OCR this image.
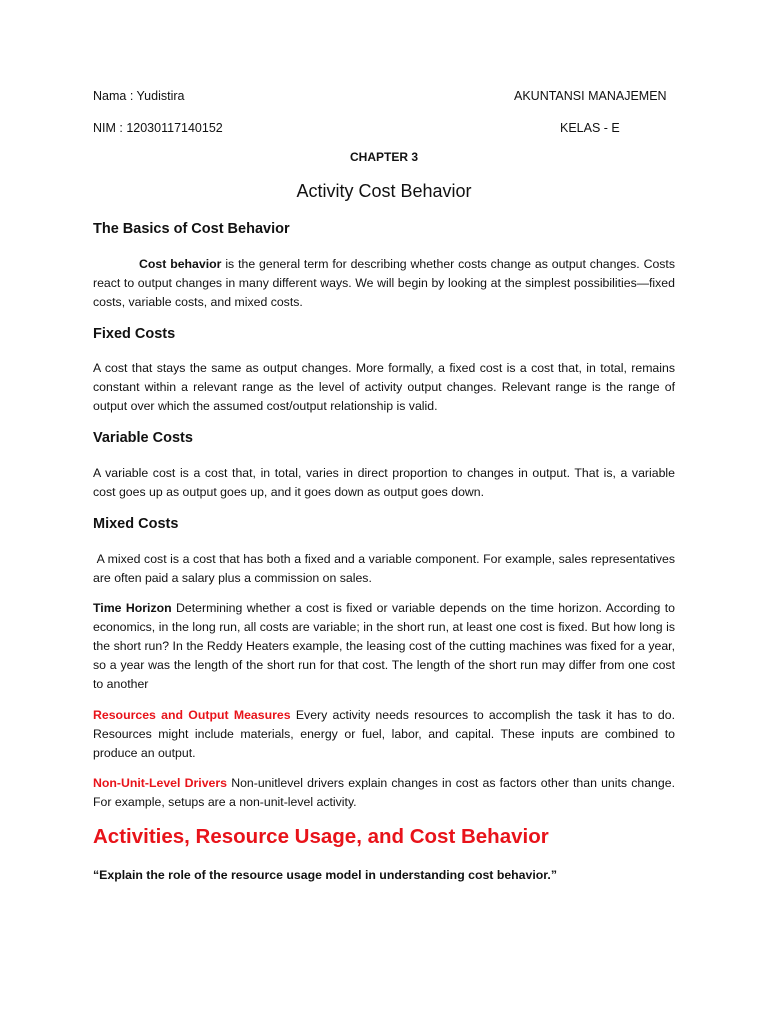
Nama : Yudistira	AKUNTANSI MANAJEMEN
NIM : 12030117140152	KELAS - E
CHAPTER 3
Activity Cost Behavior
The Basics of Cost Behavior
Cost behavior is the general term for describing whether costs change as output changes. Costs react to output changes in many different ways. We will begin by looking at the simplest possibilities—fixed costs, variable costs, and mixed costs.
Fixed Costs
A cost that stays the same as output changes. More formally, a fixed cost is a cost that, in total, remains constant within a relevant range as the level of activity output changes. Relevant range is the range of output over which the assumed cost/output relationship is valid.
Variable Costs
A variable cost is a cost that, in total, varies in direct proportion to changes in output. That is, a variable cost goes up as output goes up, and it goes down as output goes down.
Mixed Costs
A mixed cost is a cost that has both a fixed and a variable component. For example, sales representatives are often paid a salary plus a commission on sales.
Time Horizon Determining whether a cost is fixed or variable depends on the time horizon. According to economics, in the long run, all costs are variable; in the short run, at least one cost is fixed. But how long is the short run? In the Reddy Heaters example, the leasing cost of the cutting machines was fixed for a year, so a year was the length of the short run for that cost. The length of the short run may differ from one cost to another
Resources and Output Measures Every activity needs resources to accomplish the task it has to do. Resources might include materials, energy or fuel, labor, and capital. These inputs are combined to produce an output.
Non-Unit-Level Drivers Non-unitlevel drivers explain changes in cost as factors other than units change. For example, setups are a non-unit-level activity.
Activities, Resource Usage, and Cost Behavior
“Explain the role of the resource usage model in understanding cost behavior.”
